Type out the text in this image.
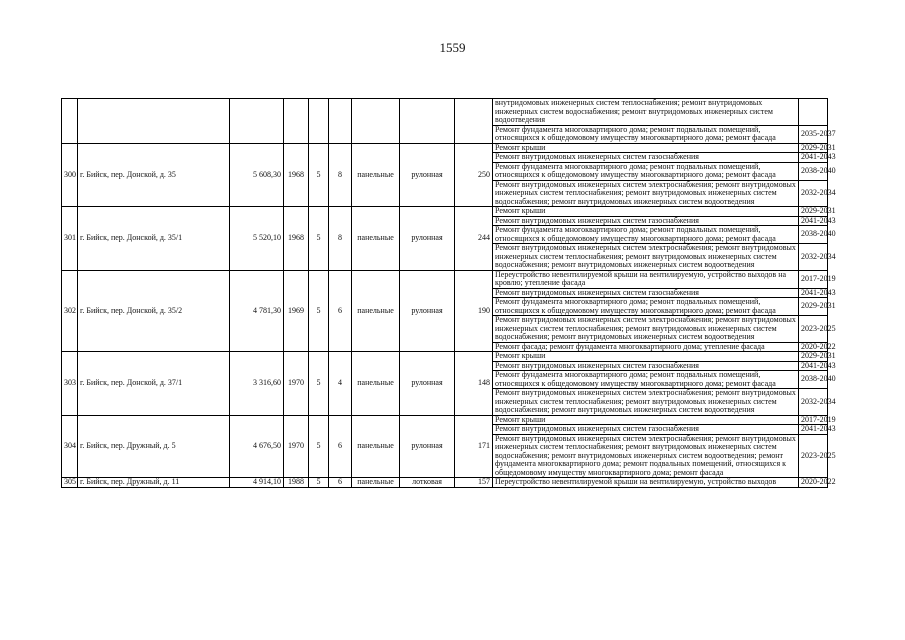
1559
									внутридомовых инженерных систем теплоснабжения; ремонт внутридомовых инженерных систем водоснабжения; ремонт внутридомовых инженерных систем водоотведения	
									Ремонт фундамента многоквартирного дома; ремонт подвальных помещений, относящихся к общедомовому имуществу многоквартирного дома; ремонт фасада	2035-2037
300	г. Бийск, пер. Донской, д. 35	5 608,30	1968	5	8	панельные	рулонная	250	Ремонт крыши	2029-2031
									Ремонт внутридомовых инженерных систем газоснабжения	2041-2043
									Ремонт фундамента многоквартирного дома; ремонт подвальных помещений, относящихся к общедомовому имуществу многоквартирного дома; ремонт фасада	2038-2040
									Ремонт внутридомовых инженерных систем электроснабжения; ремонт внутридомовых инженерных систем теплоснабжения; ремонт внутридомовых инженерных систем водоснабжения; ремонт внутридомовых инженерных систем водоотведения	2032-2034
301	г. Бийск, пер. Донской, д. 35/1	5 520,10	1968	5	8	панельные	рулонная	244	Ремонт крыши	2029-2031
									Ремонт внутридомовых инженерных систем газоснабжения	2041-2043
									Ремонт фундамента многоквартирного дома; ремонт подвальных помещений, относящихся к общедомовому имуществу многоквартирного дома; ремонт фасада	2038-2040
									Ремонт внутридомовых инженерных систем электроснабжения; ремонт внутридомовых инженерных систем теплоснабжения; ремонт внутридомовых инженерных систем водоснабжения; ремонт внутридомовых инженерных систем водоотведения	2032-2034
302	г. Бийск, пер. Донской, д. 35/2	4 781,30	1969	5	6	панельные	рулонная	190	Переустройство невентилируемой крыши на вентилируемую, устройство выходов на кровлю; утепление фасада	2017-2019
									Ремонт внутридомовых инженерных систем газоснабжения	2041-2043
									Ремонт фундамента многоквартирного дома; ремонт подвальных помещений, относящихся к общедомовому имуществу многоквартирного дома; ремонт фасада	2029-2031
									Ремонт внутридомовых инженерных систем электроснабжения; ремонт внутридомовых инженерных систем теплоснабжения; ремонт внутридомовых инженерных систем водоснабжения; ремонт внутридомовых инженерных систем водоотведения	2023-2025
									Ремонт фасада; ремонт фундамента многоквартирного дома; утепление фасада	2020-2022
303	г. Бийск, пер. Донской, д. 37/1	3 316,60	1970	5	4	панельные	рулонная	148	Ремонт крыши	2029-2031
									Ремонт внутридомовых инженерных систем газоснабжения	2041-2043
									Ремонт фундамента многоквартирного дома; ремонт подвальных помещений, относящихся к общедомовому имуществу многоквартирного дома; ремонт фасада	2038-2040
									Ремонт внутридомовых инженерных систем электроснабжения; ремонт внутридомовых инженерных систем теплоснабжения; ремонт внутридомовых инженерных систем водоснабжения; ремонт внутридомовых инженерных систем водоотведения	2032-2034
304	г. Бийск, пер. Дружный, д. 5	4 676,50	1970	5	6	панельные	рулонная	171	Ремонт крыши	2017-2019
									Ремонт внутридомовых инженерных систем газоснабжения	2041-2043
									Ремонт внутридомовых инженерных систем электроснабжения; ремонт внутридомовых инженерных систем теплоснабжения; ремонт внутридомовых инженерных систем водоснабжения; ремонт внутридомовых инженерных систем водоотведения; ремонт фундамента многоквартирного дома; ремонт подвальных помещений, относящихся к общедомовому имуществу многоквартирного дома; ремонт фасада	2023-2025
305	г. Бийск, пер. Дружный, д. 11	4 914,10	1988	5	6	панельные	лотковая	157	Переустройство невентилируемой крыши на вентилируемую, устройство выходов	2020-2022
